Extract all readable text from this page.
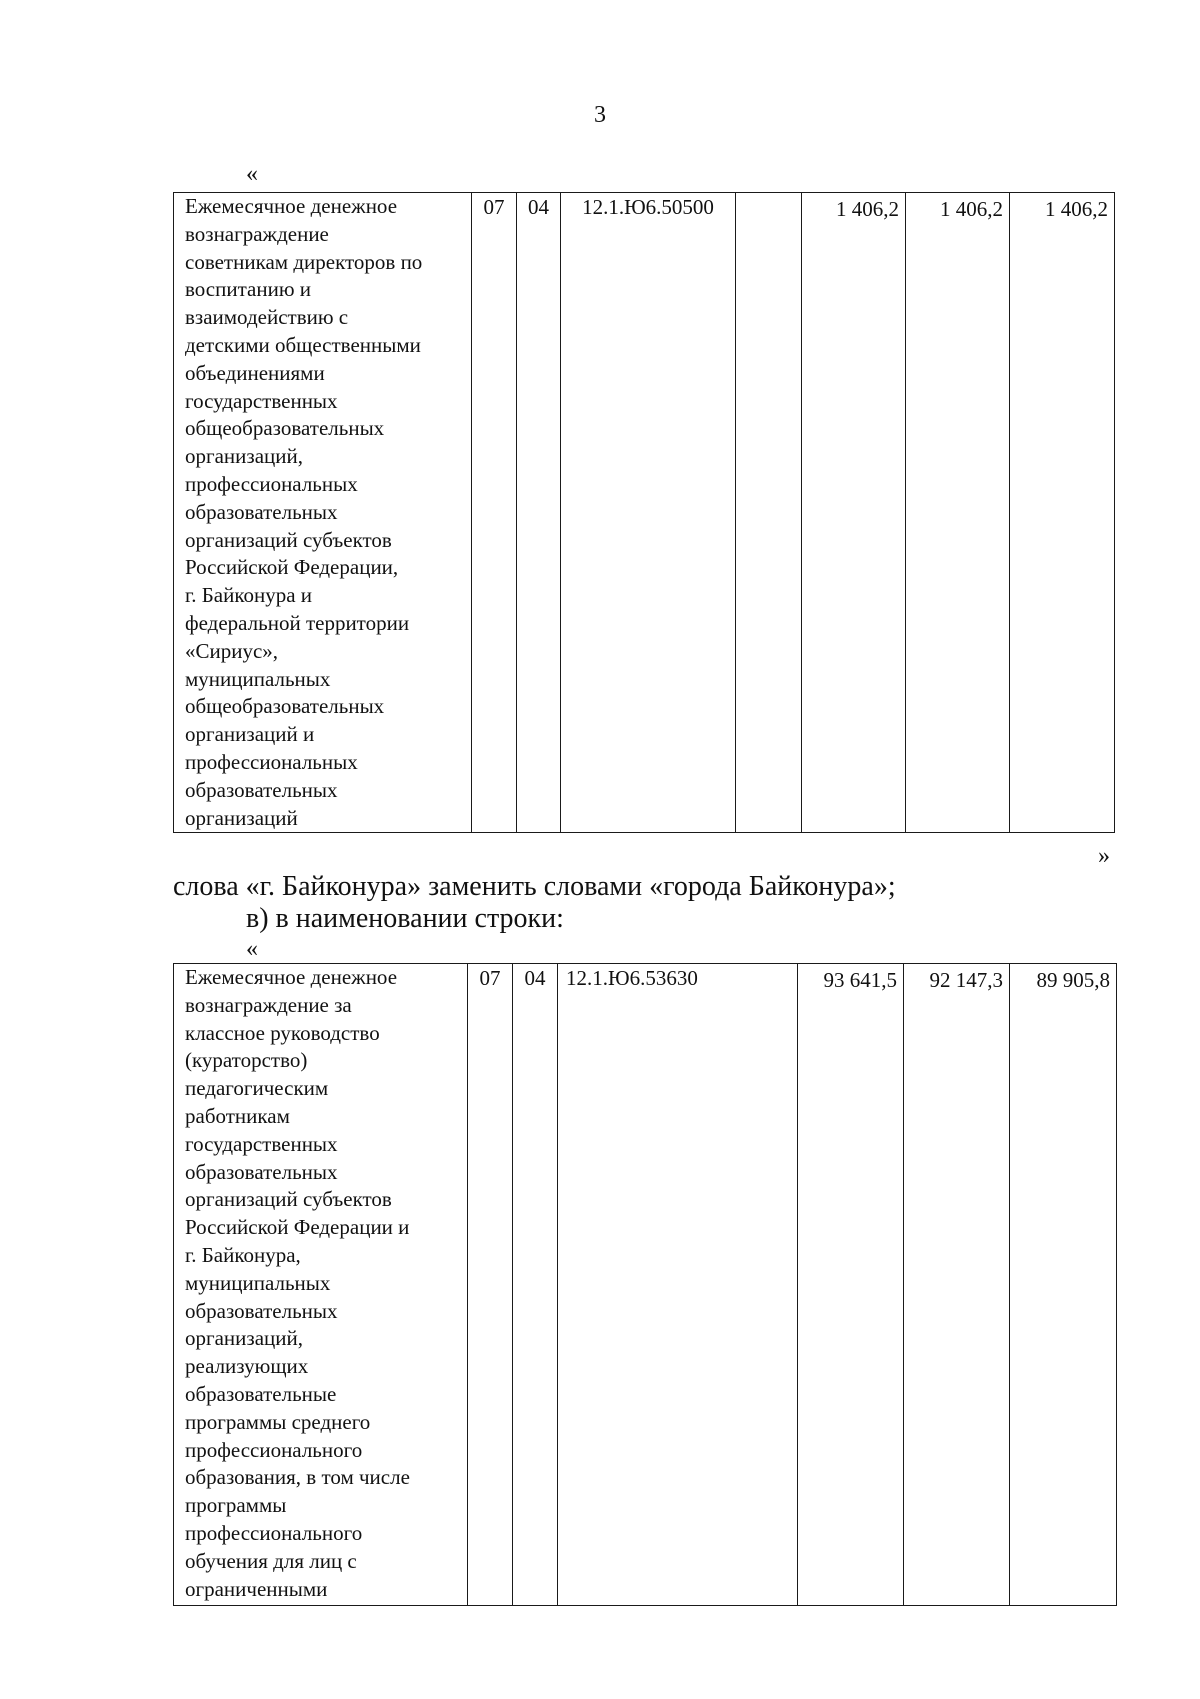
3
«
Ежемесячное денежное
вознаграждение
советникам директоров по
воспитанию и
взаимодействию с
детскими общественными
объединениями
государственных
общеобразовательных
организаций,
профессиональных
образовательных
организаций субъектов
Российской Федерации,
г. Байконура и
федеральной территории
«Сириус»,
муниципальных
общеобразовательных
организаций и
профессиональных
образовательных
организаций
	07	04	12.1.Ю6.50500		1 406,2	1 406,2	1 406,2
»
слова «г. Байконура» заменить словами «города Байконура»;
в) в наименовании строки:
«
Ежемесячное денежное
вознаграждение за
классное руководство
(кураторство)
педагогическим
работникам
государственных
образовательных
организаций субъектов
Российской Федерации и
г. Байконура,
муниципальных
образовательных
организаций,
реализующих
образовательные
программы среднего
профессионального
образования, в том числе
программы
профессионального
обучения для лиц с
ограниченными
	07	04	12.1.Ю6.53630		93 641,5	92 147,3	89 905,8
